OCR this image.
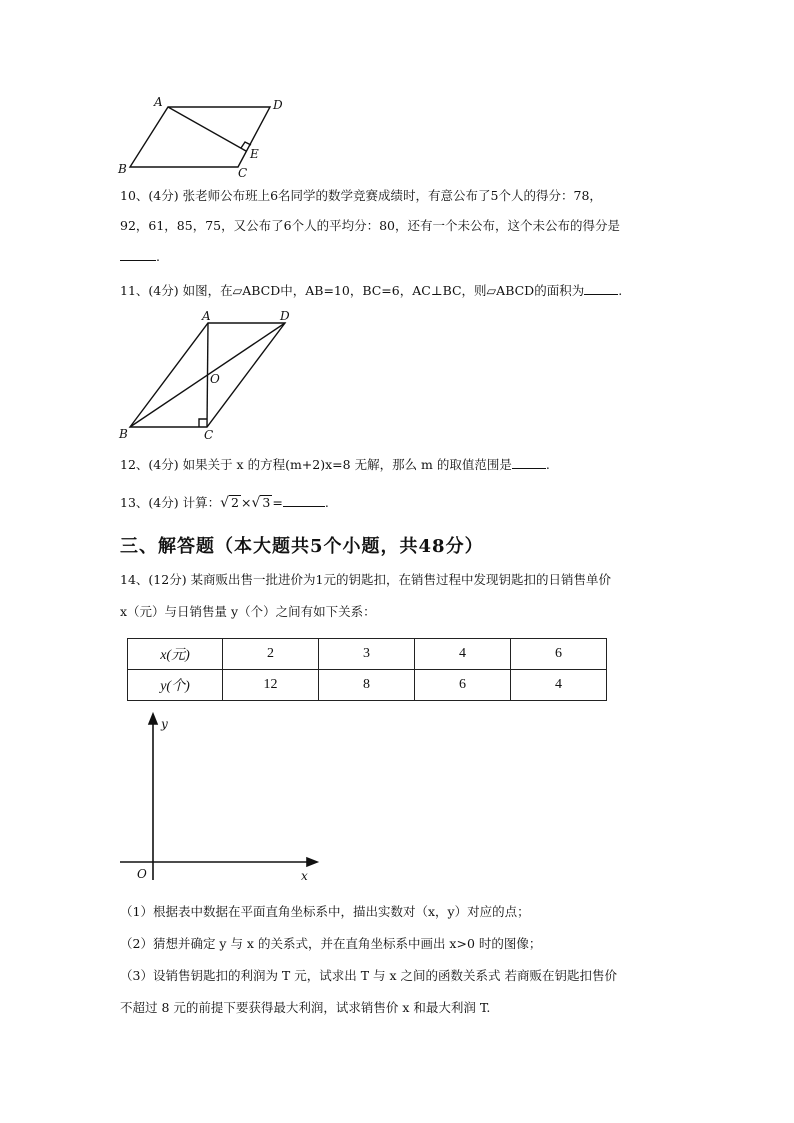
A	D
B	C
E
10、(4分) 张老师公布班上6名同学的数学竞赛成绩时，有意公布了5个人的得分：78，
92，61，85，75，又公布了6个人的平均分：80，还有一个未公布，这个未公布的得分是
.
11、(4分) 如图，在▱ABCD中，AB=10，BC=6，AC⊥BC，则▱ABCD的面积为	.
A	D
O
B	C
12、(4分) 如果关于 x 的方程(m+2)x=8 无解，那么 m 的取值范围是	.
13、(4分) 计算：√ 2 ×√ 3 =	.
三、解答题（本大题共5个小题，共48分）
14、(12分) 某商贩出售一批进价为1元的钥匙扣，在销售过程中发现钥匙扣的日销售单价
x（元）与日销售量 y（个）之间有如下关系：
x(元)	2	3	4	6
y(个)	12	8	6	4
y
x
O
（1）根据表中数据在平面直角坐标系中，描出实数对（x，y）对应的点；
（2）猜想并确定 y 与 x 的关系式，并在直角坐标系中画出 x>0 时的图像；
（3）设销售钥匙扣的利润为 T 元，试求出 T 与 x 之间的函数关系式 若商贩在钥匙扣售价
不超过 8 元的前提下要获得最大利润，试求销售价 x 和最大利润 T.
